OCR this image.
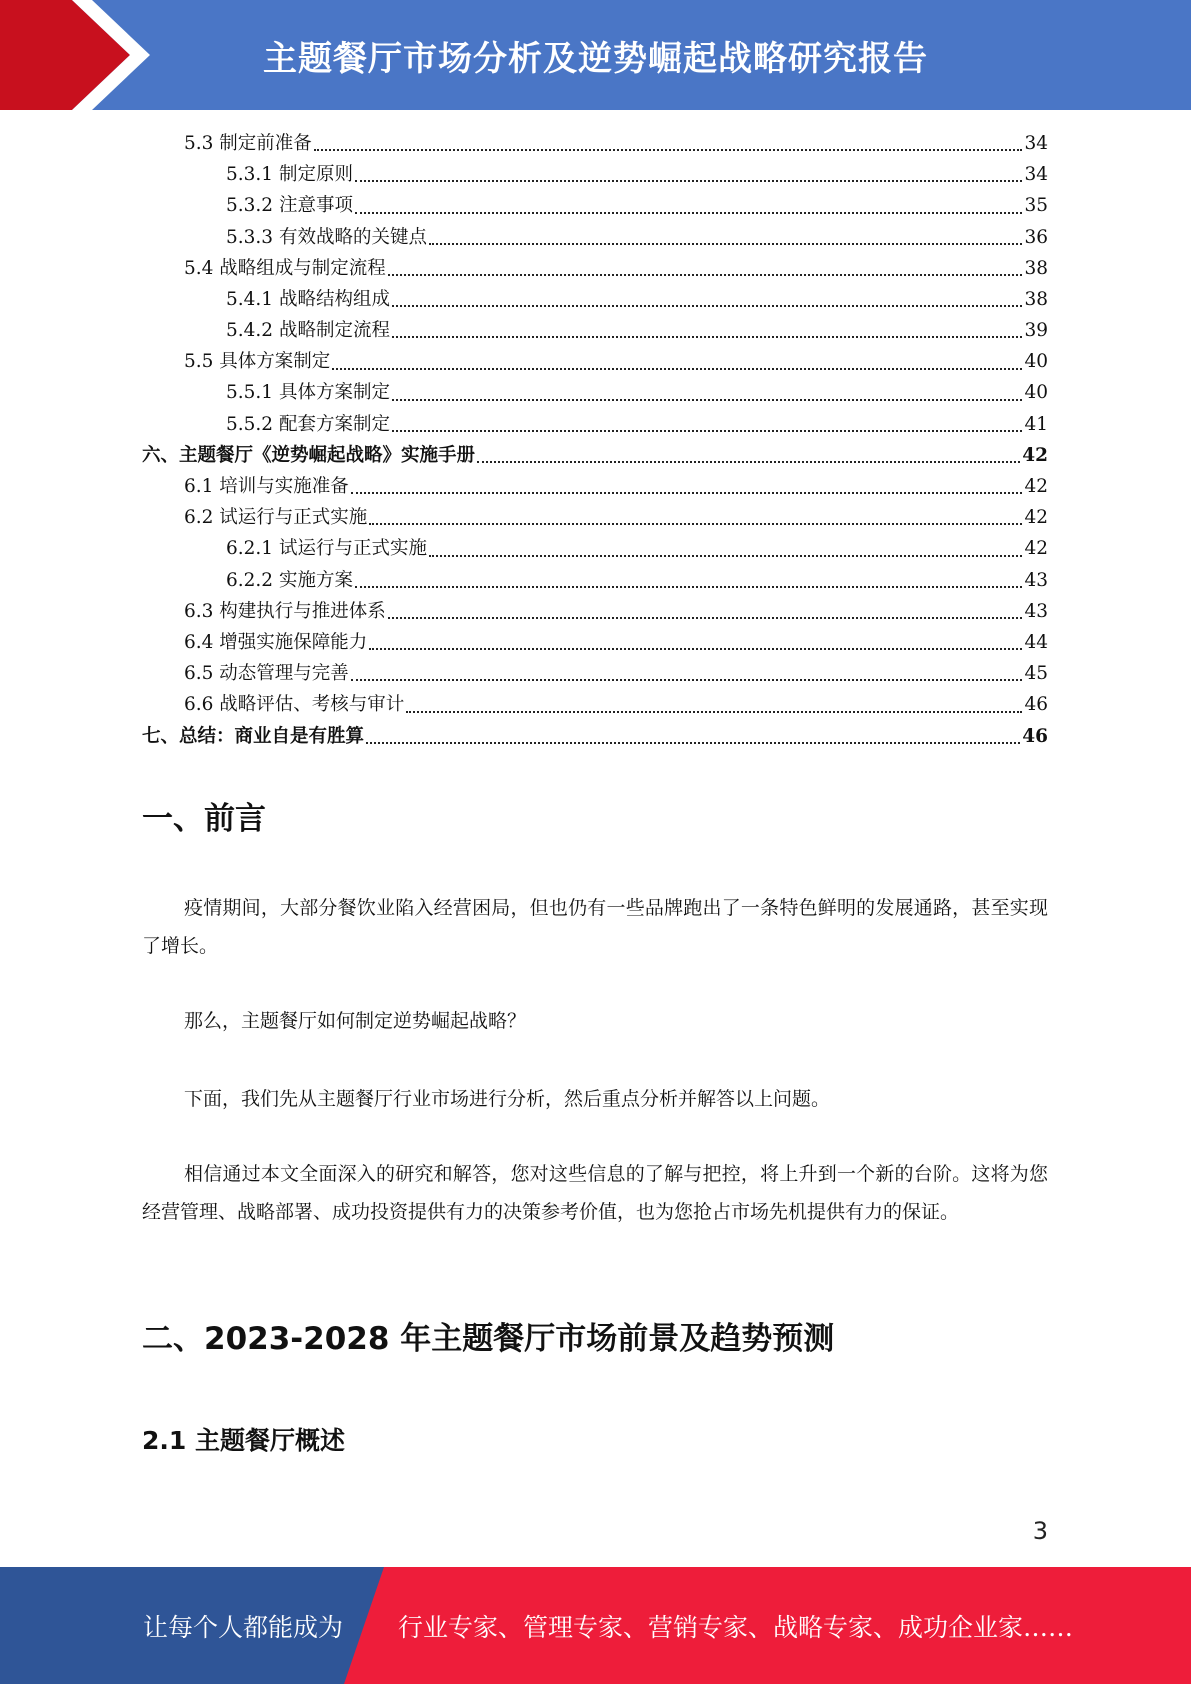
主题餐厅市场分析及逆势崛起战略研究报告
5.3 制定前准备	34
5.3.1 制定原则	34
5.3.2 注意事项	35
5.3.3 有效战略的关键点	36
5.4 战略组成与制定流程	38
5.4.1 战略结构组成	38
5.4.2 战略制定流程	39
5.5 具体方案制定	40
5.5.1 具体方案制定	40
5.5.2 配套方案制定	41
六、主题餐厅《逆势崛起战略》实施手册	42
6.1 培训与实施准备	42
6.2 试运行与正式实施	42
6.2.1 试运行与正式实施	42
6.2.2 实施方案	43
6.3 构建执行与推进体系	43
6.4 增强实施保障能力	44
6.5 动态管理与完善	45
6.6 战略评估、考核与审计	46
七、总结：商业自是有胜算	46
一、前言

疫情期间，大部分餐饮业陷入经营困局，但也仍有一些品牌跑出了一条特色鲜明的发展通路，甚至实现了增长。

那么，主题餐厅如何制定逆势崛起战略？

下面，我们先从主题餐厅行业市场进行分析，然后重点分析并解答以上问题。

相信通过本文全面深入的研究和解答，您对这些信息的了解与把控，将上升到一个新的台阶。这将为您经营管理、战略部署、成功投资提供有力的决策参考价值，也为您抢占市场先机提供有力的保证。

二、2023-2028 年主题餐厅市场前景及趋势预测
2.1 主题餐厅概述
3
让每个人都能成为 行业专家、管理专家、营销专家、战略专家、成功企业家……
